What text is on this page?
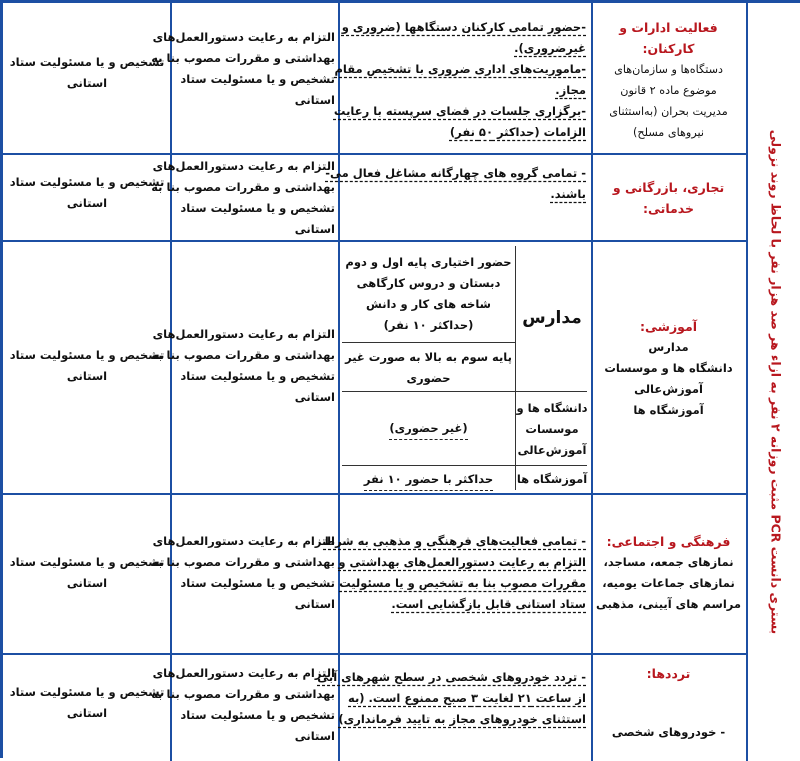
بستری دانست PCR مثبت روزانه ۲ نفر به ازاء هر صد هزار نفر با لحاظ روند نزولی
فعالیت ادارات و کارکنان:
دستگاه‌ها و سازمان‌های
موضوع ماده ۲ قانون
مدیریت بحران (به‌استثنای
نیروهای مسلح)
-حضور تمامی کارکنان دستگاهها (ضروری و
غیرضروری).
-ماموریت‌های اداری ضروری با تشخیص مقام
مجاز.
-برگزاری جلسات در فضای سرپسته با رعایت
الزامات (حداکثر ۵۰ نفر)
التزام به رعایت دستورالعمل‌های
بهداشتی و مقررات مصوب بنا به
تشخیص و یا مسئولیت ستاد
استانی
تشخیص و یا مسئولیت ستاد
استانی
تجاری، بازرگانی و
خدماتی:
- تمامی گروه های چهارگانه مشاغل فعال می-
باشند.
التزام به رعایت دستورالعمل‌های
بهداشتی و مقررات مصوب بنا به
تشخیص و یا مسئولیت ستاد
استانی
تشخیص و یا مسئولیت ستاد
استانی
آموزشی:
مدارس
دانشگاه ها و موسسات
آموزش‌عالی
آموزشگاه ها
مدارس
حضور اختیاری پایه اول و دوم
دبستان و دروس کارگاهی
شاخه های کار و دانش
(حداکثر ۱۰ نفر)
پایه سوم به بالا به صورت غیر
حضوری
دانشگاه ها و
موسسات
آموزش‌عالی
(غیر حضوری)
آموزشگاه ها
حداکثر با حضور ۱۰ نفر
التزام به رعایت دستورالعمل‌های
بهداشتی و مقررات مصوب بنا به
تشخیص و یا مسئولیت ستاد
استانی
تشخیص و یا مسئولیت ستاد
استانی
فرهنگی و اجتماعی:
نمازهای جمعه، مساجد،
نمازهای جماعات یومیه،
مراسم های آیینی، مذهبی
- تمامی فعالیت‌های فرهنگی و مذهبی به شرط
التزام به رعایت دستورالعمل‌های بهداشتی و
مقررات مصوب بنا به تشخیص و یا مسئولیت
ستاد استانی قابل بازگشایی است.
التزام به رعایت دستورالعمل‌های
بهداشتی و مقررات مصوب بنا به
تشخیص و یا مسئولیت ستاد
استانی
تشخیص و یا مسئولیت ستاد
استانی
ترددها:
- خودروهای شخصی
- تردد خودروهای شخصی در سطح شهرهای آبی
از ساعت ۲۱ لغایت ۳ صبح ممنوع است. (به
استثنای خودروهای مجاز به تایید فرمانداری)
التزام به رعایت دستورالعمل‌های
بهداشتی و مقررات مصوب بنا به
تشخیص و یا مسئولیت ستاد
استانی
تشخیص و یا مسئولیت ستاد
استانی
